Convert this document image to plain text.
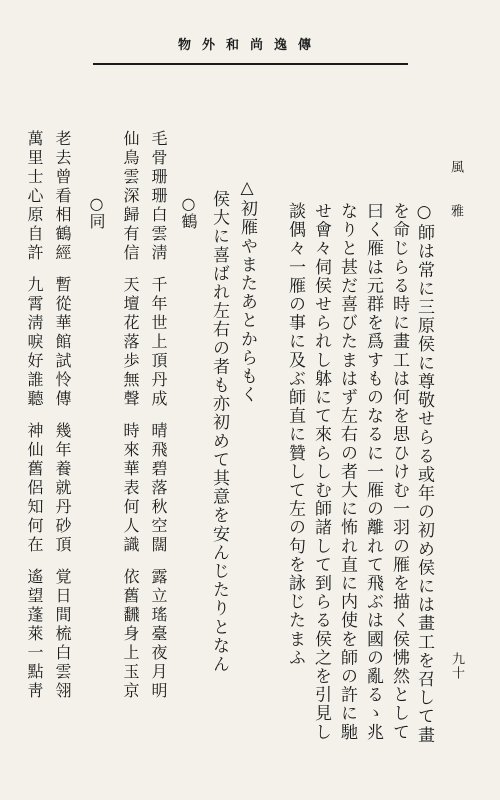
物外和尚逸傳
風 雅
九十
○師は常に三原侯に尊敬せらる或年の初め侯には畫工を召して畫
を命じらる時に畫工は何を思ひけむ一羽の雁を描く侯怫然として
曰く雁は元群を爲すものなるに一雁の離れて飛ぶは國の亂るゝ兆
なりと甚だ喜びたまはず左右の者大に怖れ直に内使を師の許に馳
せ會々伺侯せられし躰にて來らしむ師諸して到らる侯之を引見し
談偶々一雁の事に及ぶ師直に贊して左の句を詠じたまふ
△初雁やまたあとからもく
侯大に喜ばれ左右の者も亦初めて其意を安んじたりとなん
○鶴
毛骨珊珊白雲淸
千年世上頂丹成
晴飛碧落秋空闊
露立瑤臺夜月明
仙鳥雲深歸有信
天壇花落歩無聲
時來華表何人識
依舊飜身上玉京
○同
老去曾看相鶴經
暫從華館試怜傳
幾年養就丹砂頂
覚日間梳白雲翎
萬里士心原自許
九霄淸唳好誰聽
神仙舊侶知何在
遙望蓬萊一點靑
